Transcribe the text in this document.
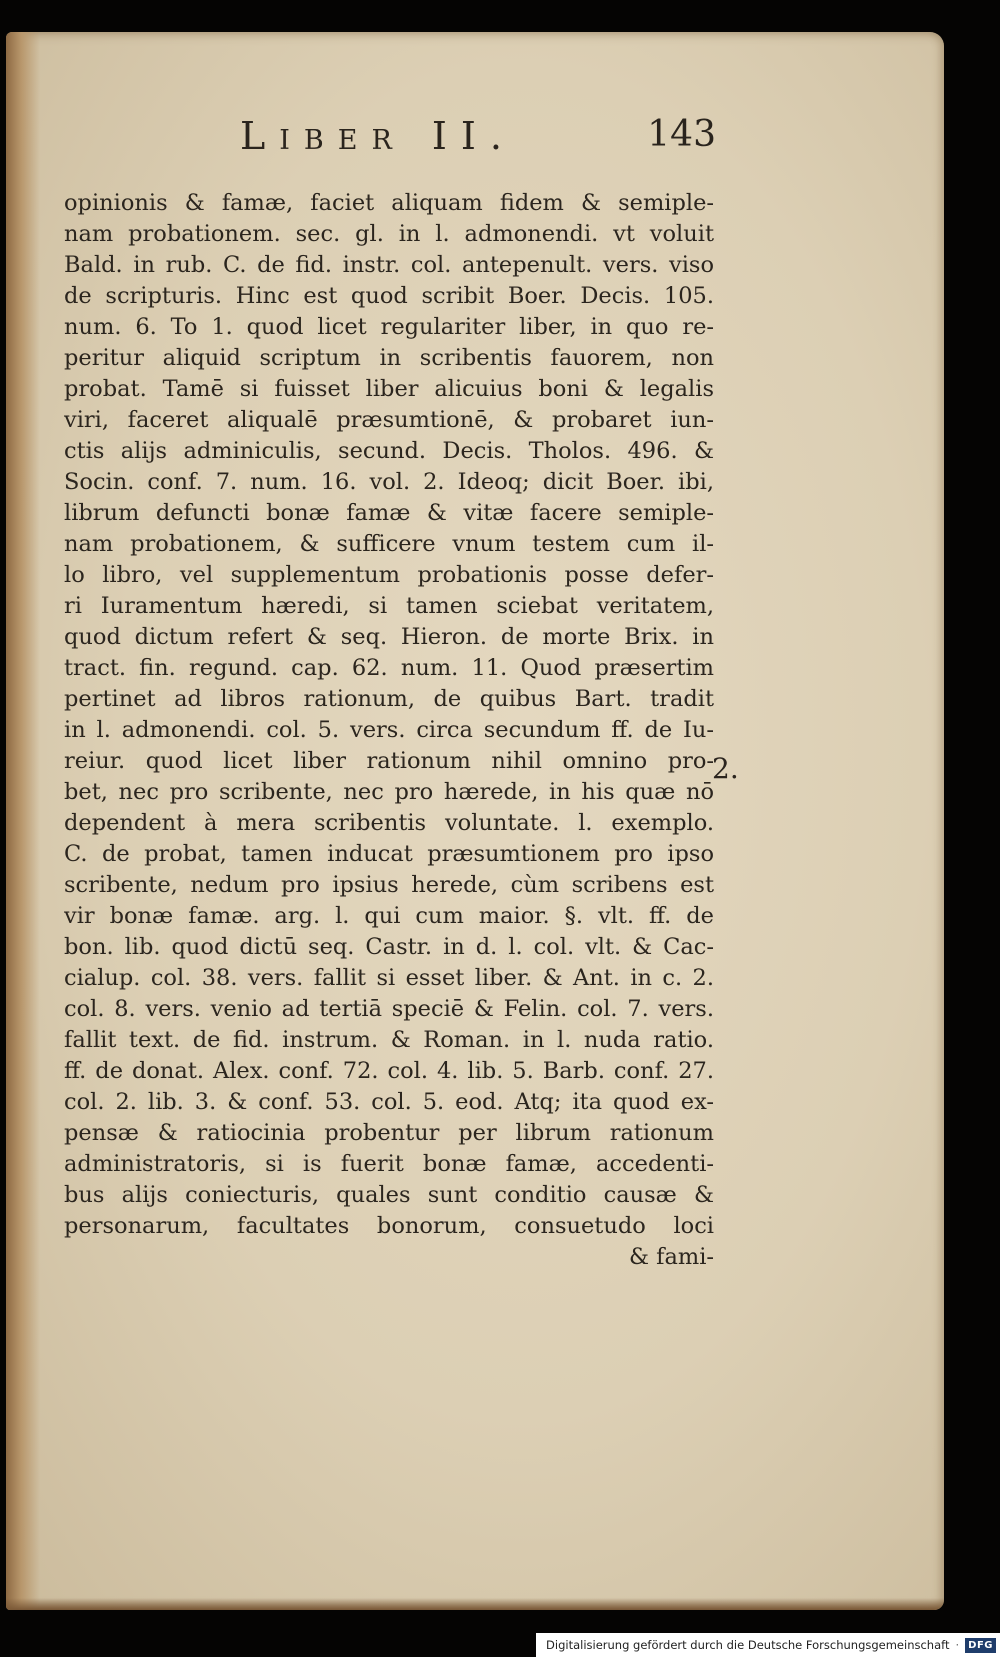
Liber II.	143
opinionis & famæ, faciet aliquam fidem & semiple-
nam probationem. sec. gl. in l. admonendi. vt voluit
Bald. in rub. C. de fid. instr. col. antepenult. vers. viso
de scripturis. Hinc est quod scribit Boer. Decis. 105.
num. 6. To 1. quod licet regulariter liber, in quo re-
peritur aliquid scriptum in scribentis fauorem, non
probat. Tamē si fuisset liber alicuius boni & legalis
viri, faceret aliqualē præsumtionē, & probaret iun-
ctis alijs adminiculis, secund. Decis. Tholos. 496. &
Socin. conf. 7. num. 16. vol. 2. Ideoq; dicit Boer. ibi,
librum defuncti bonæ famæ & vitæ facere semiple-
nam probationem, & sufficere vnum testem cum il-
lo libro, vel supplementum probationis posse defer-
ri Iuramentum hæredi, si tamen sciebat veritatem,
quod dictum refert & seq. Hieron. de morte Brix. in
tract. fin. regund. cap. 62. num. 11. Quod præsertim
pertinet ad libros rationum, de quibus Bart. tradit
in l. admonendi. col. 5. vers. circa secundum ff. de Iu-
reiur. quod licet liber rationum nihil omnino pro-
bet, nec pro scribente, nec pro hærede, in his quæ nō
dependent à mera scribentis voluntate. l. exemplo.
C. de probat, tamen inducat præsumtionem pro ipso
scribente, nedum pro ipsius herede, cùm scribens est
vir bonæ famæ. arg. l. qui cum maior. §. vlt. ff. de
bon. lib. quod dictū seq. Castr. in d. l. col. vlt. & Cac-
cialup. col. 38. vers. fallit si esset liber. & Ant. in c. 2.
col. 8. vers. venio ad tertiā speciē & Felin. col. 7. vers.
fallit text. de fid. instrum. & Roman. in l. nuda ratio.
ff. de donat. Alex. conf. 72. col. 4. lib. 5. Barb. conf. 27.
col. 2. lib. 3. & conf. 53. col. 5. eod. Atq; ita quod ex-
pensæ & ratiocinia probentur per librum rationum
administratoris, si is fuerit bonæ famæ, accedenti-
bus alijs coniecturis, quales sunt conditio causæ &
personarum, facultates bonorum, consuetudo loci
& fami-
2.
Digitalisierung gefördert durch die Deutsche Forschungsgemeinschaft · DFG
